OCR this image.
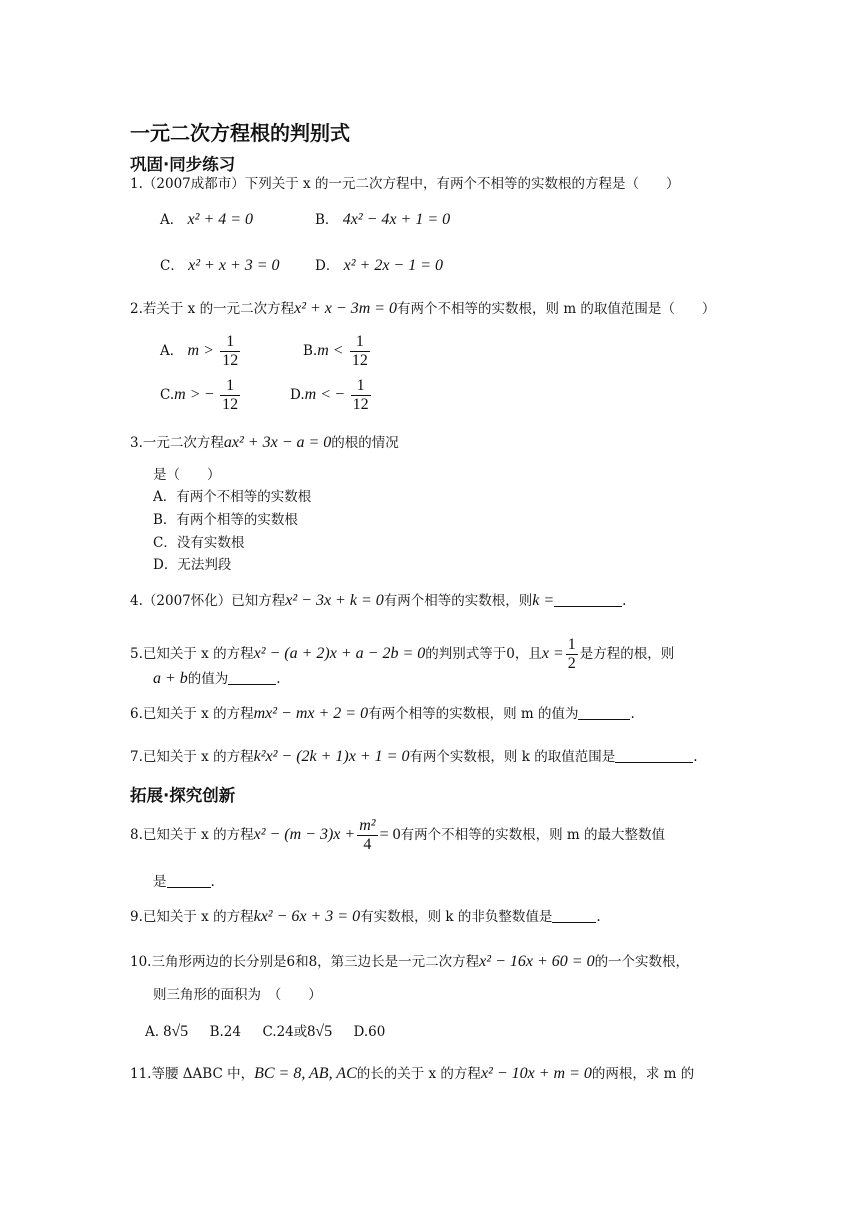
一元二次方程根的判别式
巩固·同步练习
1.（2007成都市）下列关于 x 的一元二次方程中，有两个不相等的实数根的方程是（　　）
A． x² + 4 = 0	B． 4x² − 4x + 1 = 0
C． x² + x + 3 = 0	D． x² + 2x − 1 = 0
2.若关于 x 的一元二次方程x² + x − 3m = 0有两个不相等的实数根，则 m 的取值范围是（　　）
A． $m > \frac{1}{12}$	$B.m < \frac{1}{12}$
C.m > − $\frac{1}{12}$	D.m < − $\frac{1}{12}$
3.一元二次方程ax² + 3x − a = 0的根的情况
是（　　）
A．有两个不相等的实数根
B．有两个相等的实数根
C．没有实数根
D．无法判段
4.（2007怀化）已知方程x² − 3x + k = 0有两个相等的实数根，则k =	.
5.已知关于 x 的方程x² − (a + 2)x + a − 2b = 0的判别式等于0，且$x = \frac{1}{2}$ 是方程的根，则
a + b的值为	.
6.已知关于 x 的方程mx² − mx + 2 = 0有两个相等的实数根，则 m 的值为	.
7.已知关于 x 的方程k²x² − (2k + 1)x + 1 = 0有两个实数根，则 k 的取值范围是	.
拓展·探究创新
8.已知关于 x 的方程$x^2 - (m - 3)x + \frac{\text{m²}}{4} = 0$有两个不相等的实数根，则 m 的最大整数值
是	.
9.已知关于 x 的方程kx² − 6x + 3 = 0有实数根，则 k 的非负整数值是	.
10.三角形两边的长分别是6和8，第三边长是一元二次方程x² − 16x + 60 = 0的一个实数根，
则三角形的面积为　（　　）
A. 8√5 B.24 C.24或8√5 D.60
11.等腰 ΔABC 中，BC = 8, AB, AC的长的关于 x 的方程x² − 10x + m = 0的两根，求 m 的
